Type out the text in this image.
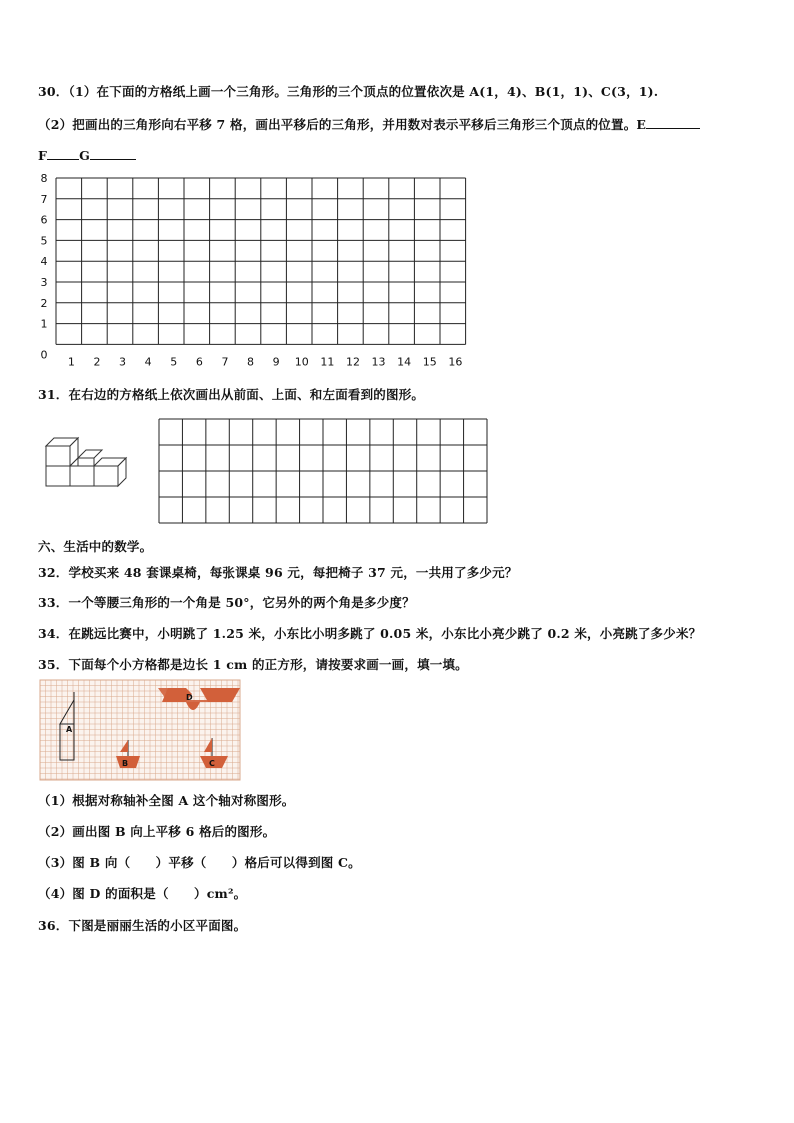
30．（1）在下面的方格纸上画一个三角形。三角形的三个顶点的位置依次是 A(1，4)、B(1，1)、C(3，1).
（2）把画出的三角形向右平移 7 格，画出平移后的三角形，并用数对表示平移后三角形三个顶点的位置。E
F	G
8
7
6
5
4
3
2
1
0
1 2 3 4 5 6 7 8 9 10 11 12 13 14 15 16
31．在右边的方格纸上依次画出从前面、上面、和左面看到的图形。
六、生活中的数学。
32．学校买来 48 套课桌椅，每张课桌 96 元，每把椅子 37 元，一共用了多少元？
33．一个等腰三角形的一个角是 50°，它另外的两个角是多少度？
34．在跳远比赛中，小明跳了 1.25 米，小东比小明多跳了 0.05 米，小东比小亮少跳了 0.2 米，小亮跳了多少米？
35．下面每个小方格都是边长 1 cm 的正方形，请按要求画一画，填一填。
A
D
B	C
（1）根据对称轴补全图 A 这个轴对称图形。
（2）画出图 B 向上平移 6 格后的图形。
（3）图 B 向（　　）平移（　　）格后可以得到图 C。
（4）图 D 的面积是（　　）cm²。
36．下图是丽丽生活的小区平面图。
